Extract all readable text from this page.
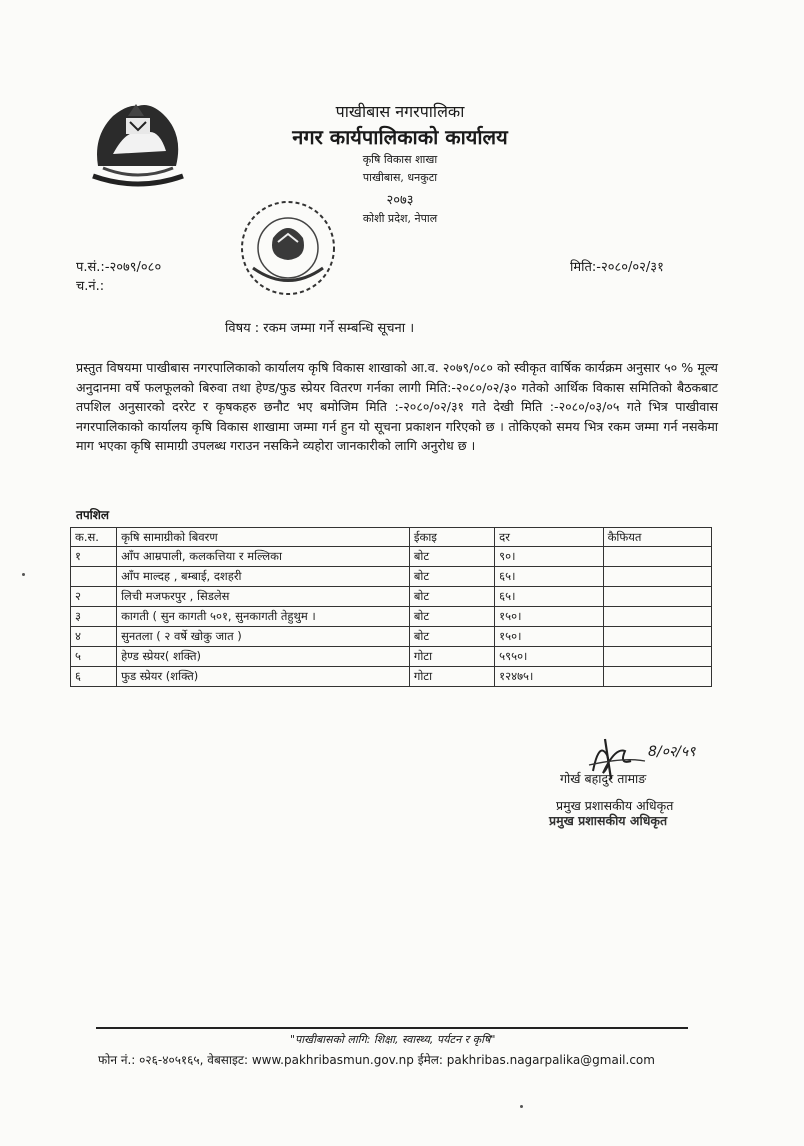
पाखीबास नगरपालिका
नगर कार्यपालिकाको कार्यालय
कृषि विकास शाखा
पाखीबास, धनकुटा
२०७३
कोशी प्रदेश, नेपाल
प.सं.:-२०७९/०८०
च.नं.:
मिति:-२०८०/०२/३१
विषय : रकम जम्मा गर्ने सम्बन्धि सूचना ।
प्रस्तुत विषयमा पाखीबास नगरपालिकाको कार्यालय कृषि विकास शाखाको आ.व. २०७९/०८० को स्वीकृत वार्षिक कार्यक्रम अनुसार ५० % मूल्य अनुदानमा वर्षे फलफूलको बिरुवा तथा हेण्ड/फुड स्प्रेयर वितरण गर्नका लागी मिति:-२०८०/०२/३० गतेको आर्थिक विकास समितिको बैठकबाट तपशिल अनुसारको दररेट र कृषकहरु छनौट भए बमोजिम मिति :-२०८०/०२/३१ गते देखी मिति :-२०८०/०३/०५ गते भित्र पाखीवास नगरपालिकाको कार्यालय कृषि विकास शाखामा जम्मा गर्न हुन यो सूचना प्रकाशन गरिएको छ । तोकिएको समय भित्र रकम जम्मा गर्न नसकेमा माग भएका कृषि सामाग्री उपलब्ध गराउन नसकिने व्यहोरा जानकारीको लागि अनुरोध छ ।
तपशिल
क.स.	कृषि सामाग्रीको बिवरण	ईकाइ	दर	कैफियत
१	आँप आम्रपाली, कलकत्तिया र मल्लिका	बोट	९०।	
	आँप माल्दह , बम्बाई, दशहरी	बोट	६५।	
२	लिची मजफरपुर , सिडलेस	बोट	६५।	
३	कागती ( सुन कागती ५०१, सुनकागती तेहुथुम ।	बोट	१५०।	
४	सुनतला ( २ वर्षे खोकु जात )	बोट	१५०।	
५	हेण्ड स्प्रेयर( शक्ति)	गोटा	५९५०।	
६	फुड स्प्रेयर (शक्ति)	गोटा	१२४७५।	
8/०२/५९
गोर्ख बहादुर तामाङ
प्रमुख प्रशासकीय अधिकृत
प्रमुख प्रशासकीय अधिकृत
"पाखीबासको लागि: शिक्षा, स्वास्थ्य, पर्यटन र कृषि"
फोन नं.: ०२६-४०५१६५, वेबसाइट: www.pakhribasmun.gov.np ईमेल: pakhribas.nagarpalika@gmail.com
